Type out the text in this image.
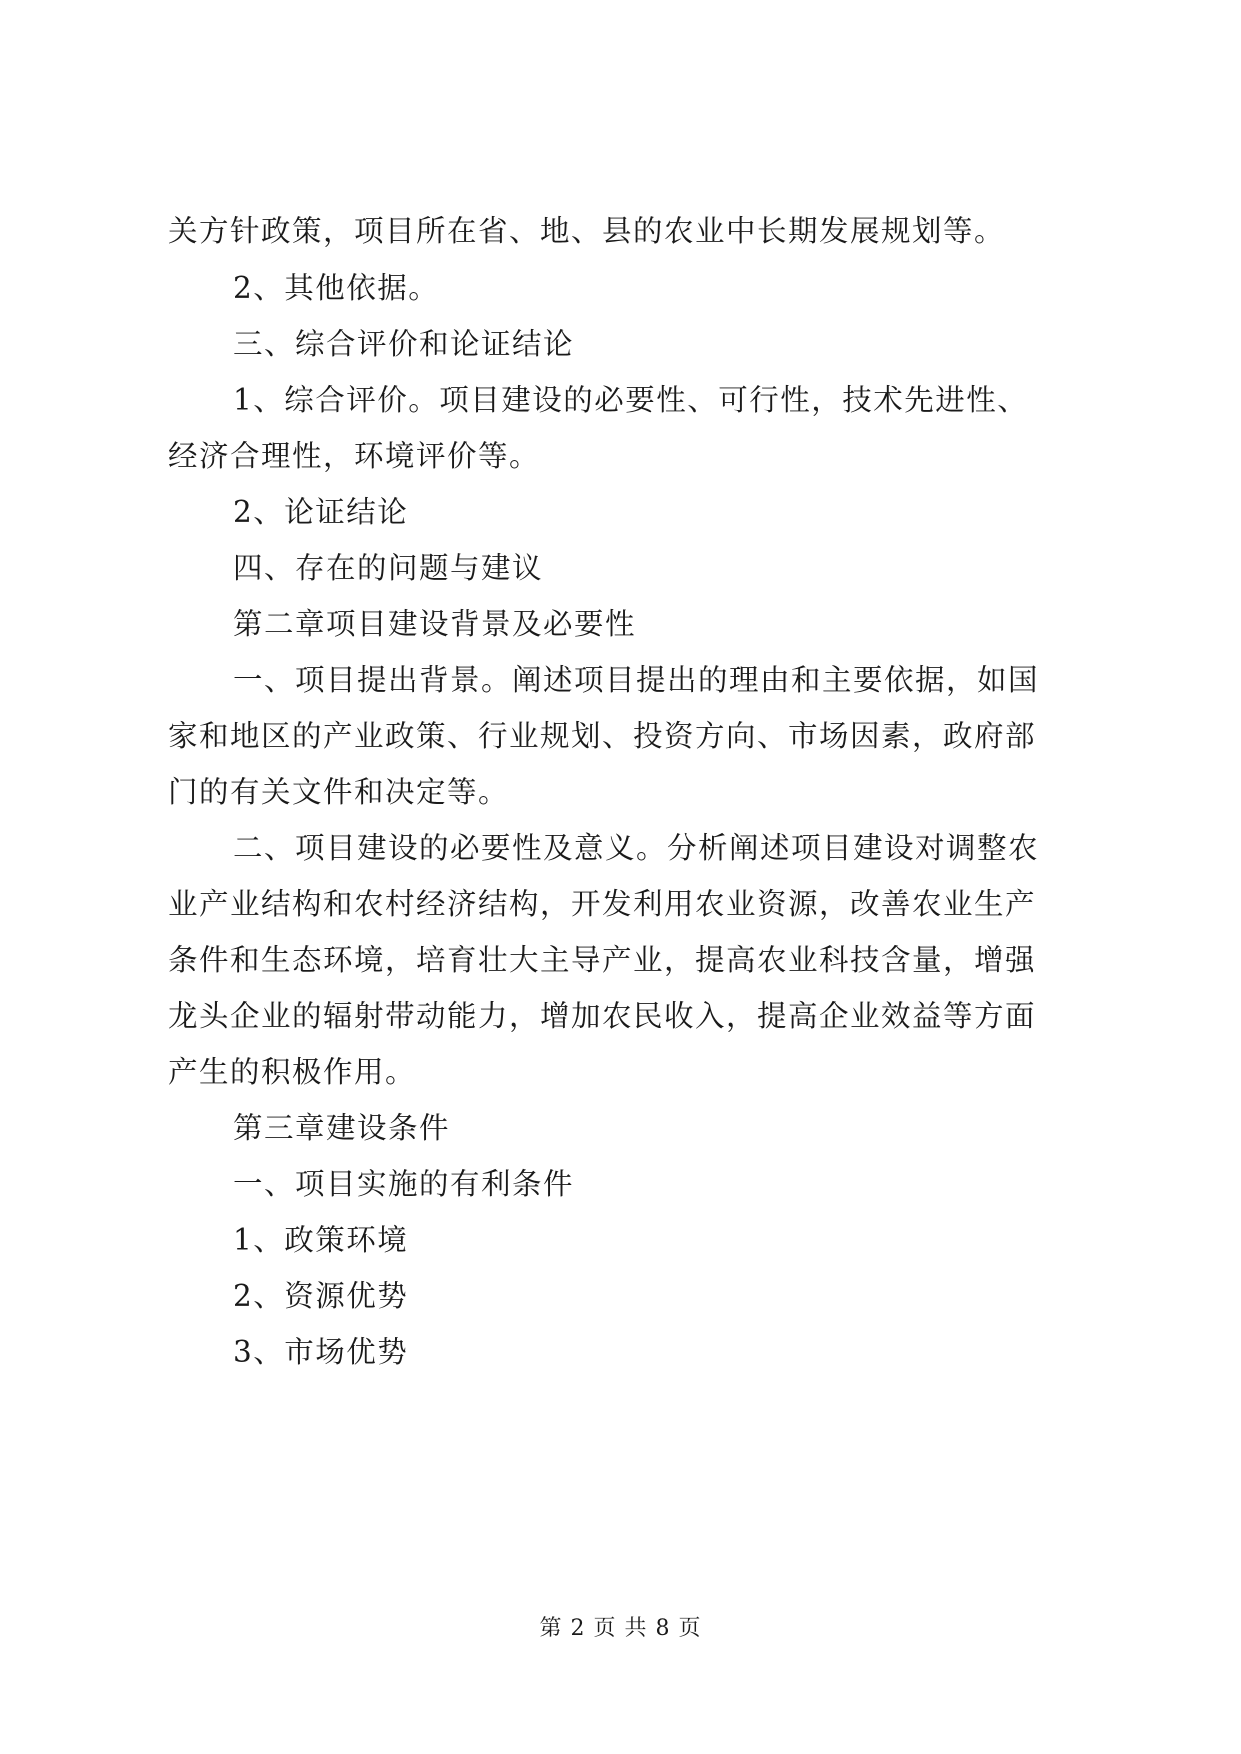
关方针政策，项目所在省、地、县的农业中长期发展规划等。
2、其他依据。
三、综合评价和论证结论
1、综合评价。项目建设的必要性、可行性，技术先进性、
经济合理性，环境评价等。
2、论证结论
四、存在的问题与建议
第二章项目建设背景及必要性
一、项目提出背景。阐述项目提出的理由和主要依据，如国
家和地区的产业政策、行业规划、投资方向、市场因素，政府部
门的有关文件和决定等。
二、项目建设的必要性及意义。分析阐述项目建设对调整农
业产业结构和农村经济结构，开发利用农业资源，改善农业生产
条件和生态环境，培育壮大主导产业，提高农业科技含量，增强
龙头企业的辐射带动能力，增加农民收入，提高企业效益等方面
产生的积极作用。
第三章建设条件
一、项目实施的有利条件
1、政策环境
2、资源优势
3、市场优势
第 2 页 共 8 页
